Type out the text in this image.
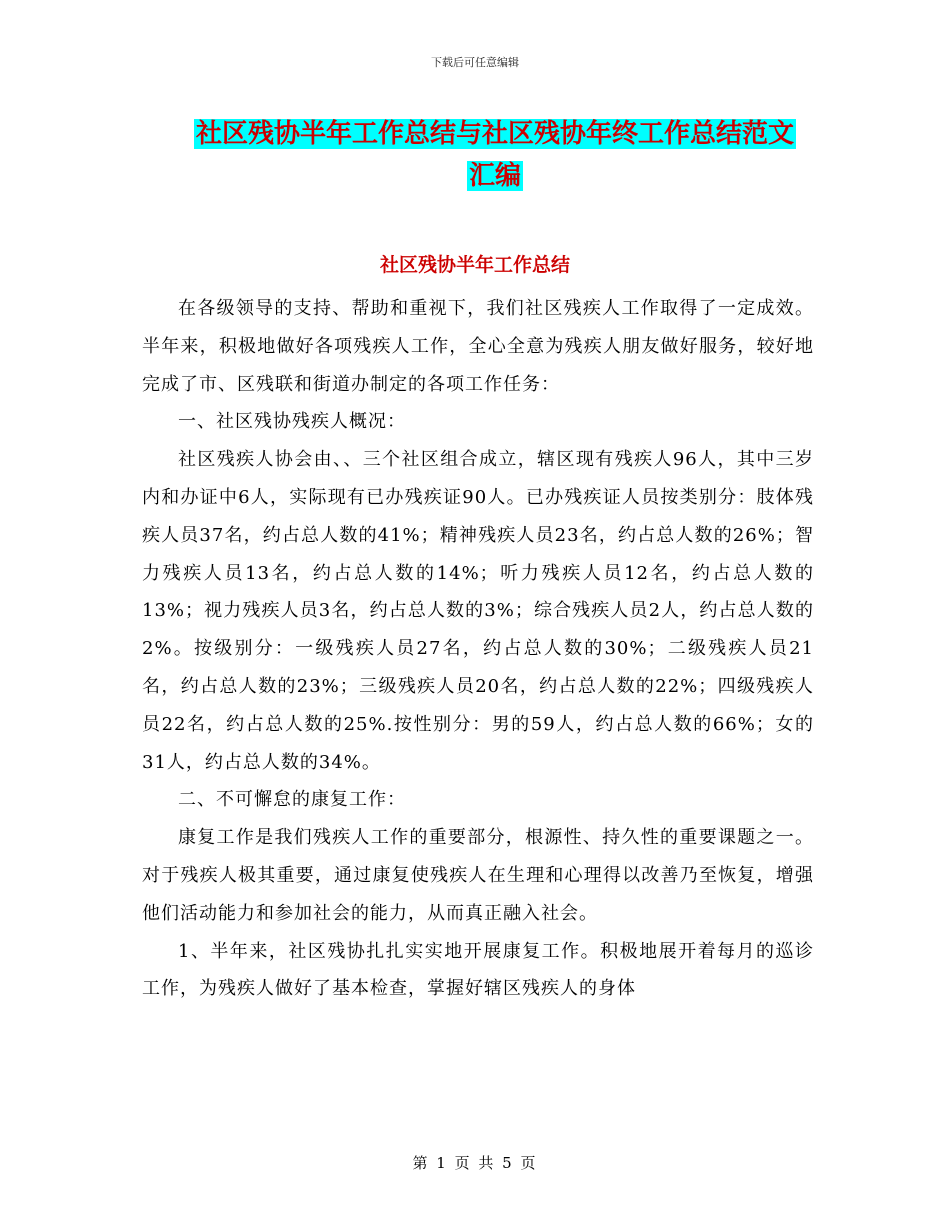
下载后可任意编辑
社区残协半年工作总结与社区残协年终工作总结范文
汇编
社区残协半年工作总结

在各级领导的支持、帮助和重视下，我们社区残疾人工作取得了一定成效。半年来，积极地做好各项残疾人工作，全心全意为残疾人朋友做好服务，较好地完成了市、区残联和街道办制定的各项工作任务：

一、社区残协残疾人概况：

社区残疾人协会由、、三个社区组合成立，辖区现有残疾人96人，其中三岁内和办证中6人，实际现有已办残疾证90人。已办残疾证人员按类别分：肢体残疾人员37名，约占总人数的41%；精神残疾人员23名，约占总人数的26%；智力残疾人员13名，约占总人数的14%；听力残疾人员12名，约占总人数的13%；视力残疾人员3名，约占总人数的3%；综合残疾人员2人，约占总人数的2%。按级别分：一级残疾人员27名，约占总人数的30%；二级残疾人员21名，约占总人数的23%；三级残疾人员20名，约占总人数的22%；四级残疾人员22名，约占总人数的25%.按性别分：男的59人，约占总人数的66%；女的31人，约占总人数的34%。

二、不可懈怠的康复工作：

康复工作是我们残疾人工作的重要部分，根源性、持久性的重要课题之一。对于残疾人极其重要，通过康复使残疾人在生理和心理得以改善乃至恢复，增强他们活动能力和参加社会的能力，从而真正融入社会。

1、半年来，社区残协扎扎实实地开展康复工作。积极地展开着每月的巡诊工作，为残疾人做好了基本检查，掌握好辖区残疾人的身体

第 1 页 共 5 页
